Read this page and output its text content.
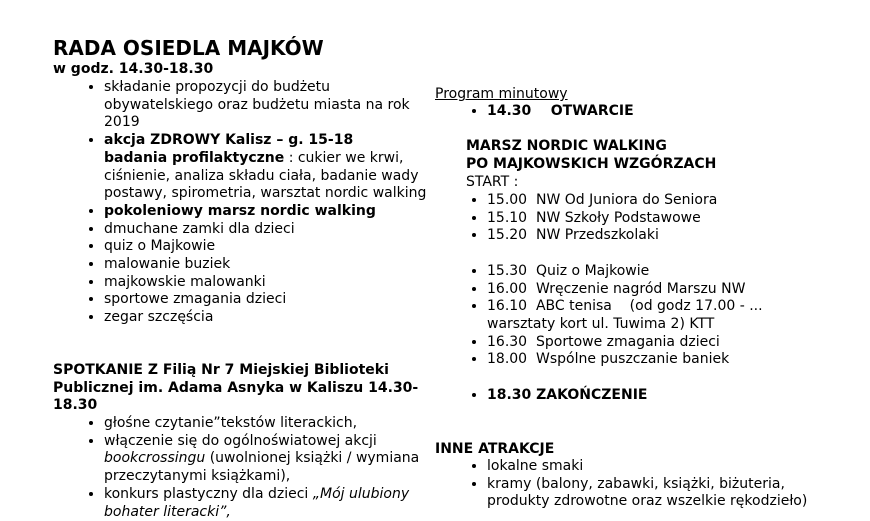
RADA OSIEDLA MAJKÓW
w godz. 14.30-18.30
• składanie propozycji do budżetu obywatelskiego oraz budżetu miasta na rok 2019
• akcja ZDROWY Kalisz – g. 15-18
badania profilaktyczne : cukier we krwi, ciśnienie, analiza składu ciała, badanie wady postawy, spirometria, warsztat nordic walking
• pokoleniowy marsz nordic walking
• dmuchane zamki dla dzieci
• quiz o Majkowie
• malowanie buziek
• majkowskie malowanki
• sportowe zmagania dzieci
• zegar szczęścia
SPOTKANIE Z Filią Nr 7 Miejskiej Biblioteki Publicznej im. Adama Asnyka w Kaliszu 14.30-18.30
• głośne czytanie”tekstów literackich,
• włączenie się do ogólnoświatowej akcji
bookcrossingu (uwolnionej książki / wymiana przeczytanymi książkami),
• konkurs plastyczny dla dzieci „Mój ulubiony bohater literacki”,
Program minutowy
• 14.30    OTWARCIE
MARSZ NORDIC WALKING
PO MAJKOWSKICH WZGÓRZACH
START :
• 15.00  NW Od Juniora do Seniora
• 15.10  NW Szkoły Podstawowe
• 15.20  NW Przedszkolaki
• 15.30  Quiz o Majkowie
• 16.00  Wręczenie nagród Marszu NW
• 16.10  ABC tenisa    (od godz 17.00 - ... warsztaty kort ul. Tuwima 2) KTT
• 16.30  Sportowe zmagania dzieci
• 18.00  Wspólne puszczanie baniek
• 18.30 ZAKOŃCZENIE
INNE ATRAKCJE
• lokalne smaki
• kramy (balony, zabawki, książki, biżuteria, produkty zdrowotne oraz wszelkie rękodzieło)
